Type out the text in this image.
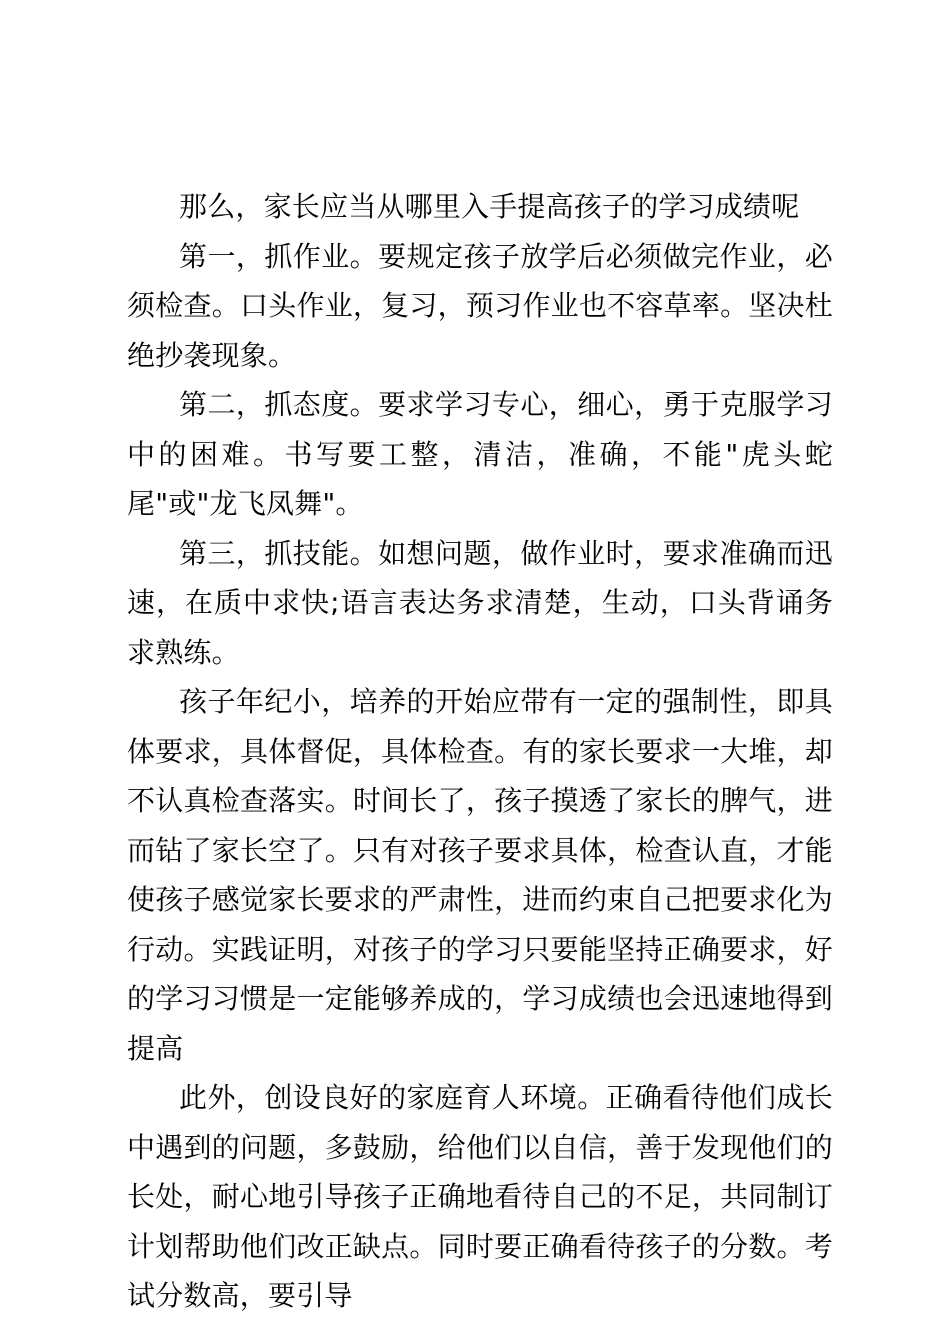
那么，家长应当从哪里入手提高孩子的学习成绩呢

第一，抓作业。要规定孩子放学后必须做完作业，必须检查。口头作业，复习，预习作业也不容草率。坚决杜绝抄袭现象。

第二，抓态度。要求学习专心，细心，勇于克服学习中的困难。书写要工整，清洁，准确，不能"虎头蛇尾"或"龙飞凤舞"。

第三，抓技能。如想问题，做作业时，要求准确而迅速，在质中求快;语言表达务求清楚，生动，口头背诵务求熟练。

孩子年纪小，培养的开始应带有一定的强制性，即具体要求，具体督促，具体检查。有的家长要求一大堆，却不认真检查落实。时间长了，孩子摸透了家长的脾气，进而钻了家长空了。只有对孩子要求具体，检查认直，才能使孩子感觉家长要求的严肃性，进而约束自己把要求化为行动。实践证明，对孩子的学习只要能坚持正确要求，好的学习习惯是一定能够养成的，学习成绩也会迅速地得到提高

此外，创设良好的家庭育人环境。正确看待他们成长中遇到的问题，多鼓励，给他们以自信，善于发现他们的长处，耐心地引导孩子正确地看待自己的不足，共同制订计划帮助他们改正缺点。同时要正确看待孩子的分数。考试分数高，要引导
